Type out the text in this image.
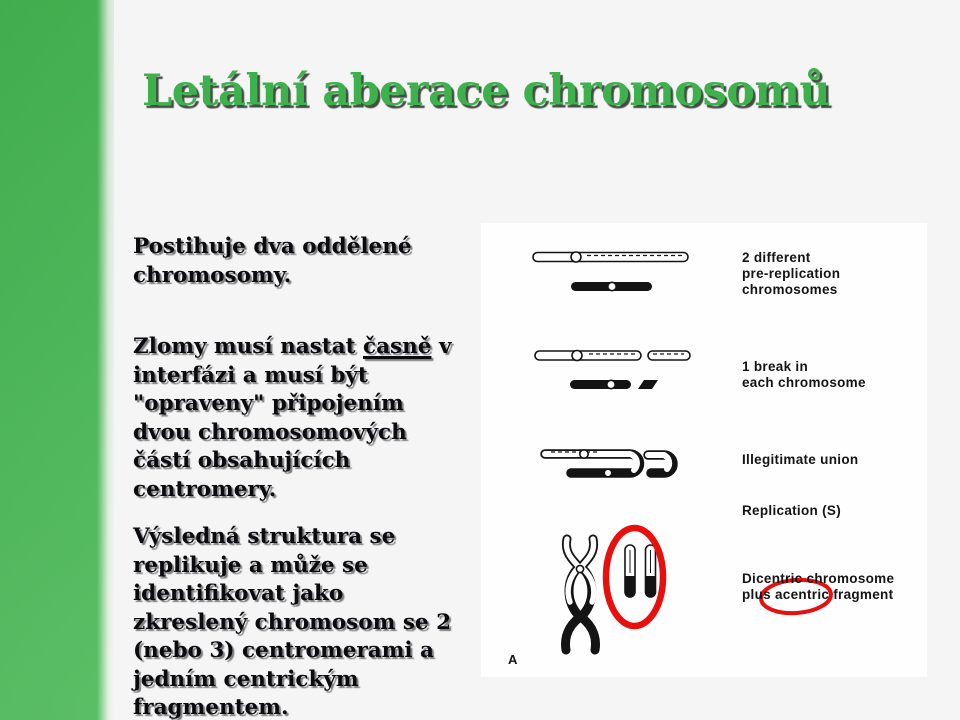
Letální aberace chromosomů

Postihuje dva oddělené
chromosomy.

Zlomy musí nastat časně v
interfázi a musí být
"opraveny" připojením
dvou chromosomových
částí obsahujících
centromery.

Výsledná struktura se
replikuje a může se
identifikovat jako
zkreslený chromosom se 2
(nebo 3) centromerami a
jedním centrickým
fragmentem.

2 different
pre-replication
chromosomes
1 break in
each chromosome
Illegitimate union
Replication (S)
Dicentric chromosome
plus acentric fragment
A
